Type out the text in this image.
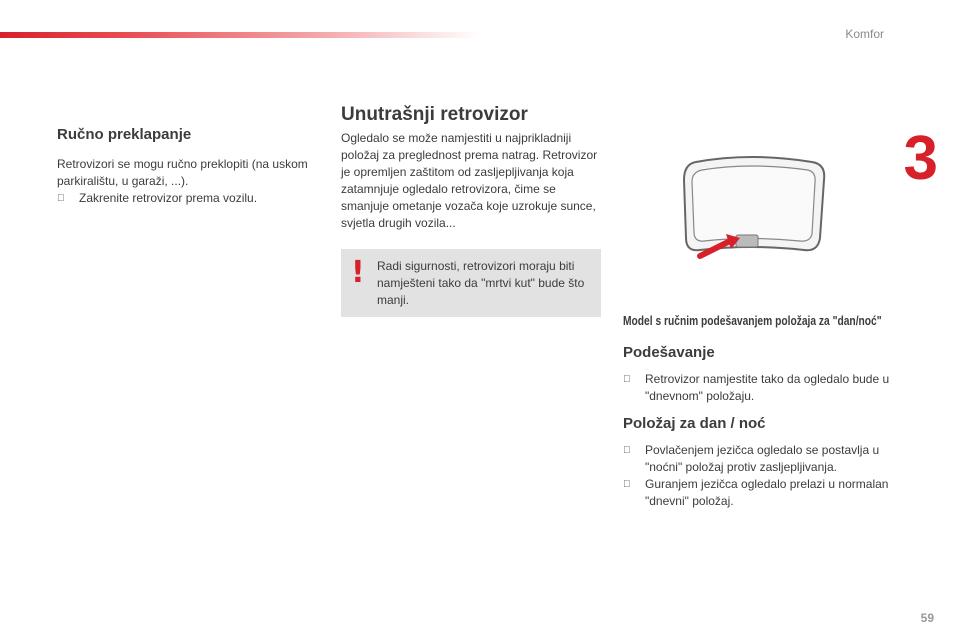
Komfor
3
Ručno preklapanje

Retrovizori se mogu ručno preklopiti (na uskom parkiralištu, u garaži, ...).

Zakrenite retrovizor prema vozilu.
Unutrašnji retrovizor

Ogledalo se može namjestiti u najprikladniji položaj za preglednost prema natrag. Retrovizor je opremljen zaštitom od zasljepljivanja koja zatamnjuje ogledalo retrovizora, čime se smanjuje ometanje vozača koje uzrokuje sunce, svjetla drugih vozila...

! Radi sigurnosti, retrovizori moraju biti namješteni tako da "mrtvi kut" bude što manji.
Model s ručnim podešavanjem položaja za "dan/noć"
Podešavanje
Retrovizor namjestite tako da ogledalo bude u "dnevnom" položaju.
Položaj za dan / noć
Povlačenjem jezičca ogledalo se postavlja u "noćni" položaj protiv zasljepljivanja.
Guranjem jezičca ogledalo prelazi u normalan "dnevni" položaj.
59
